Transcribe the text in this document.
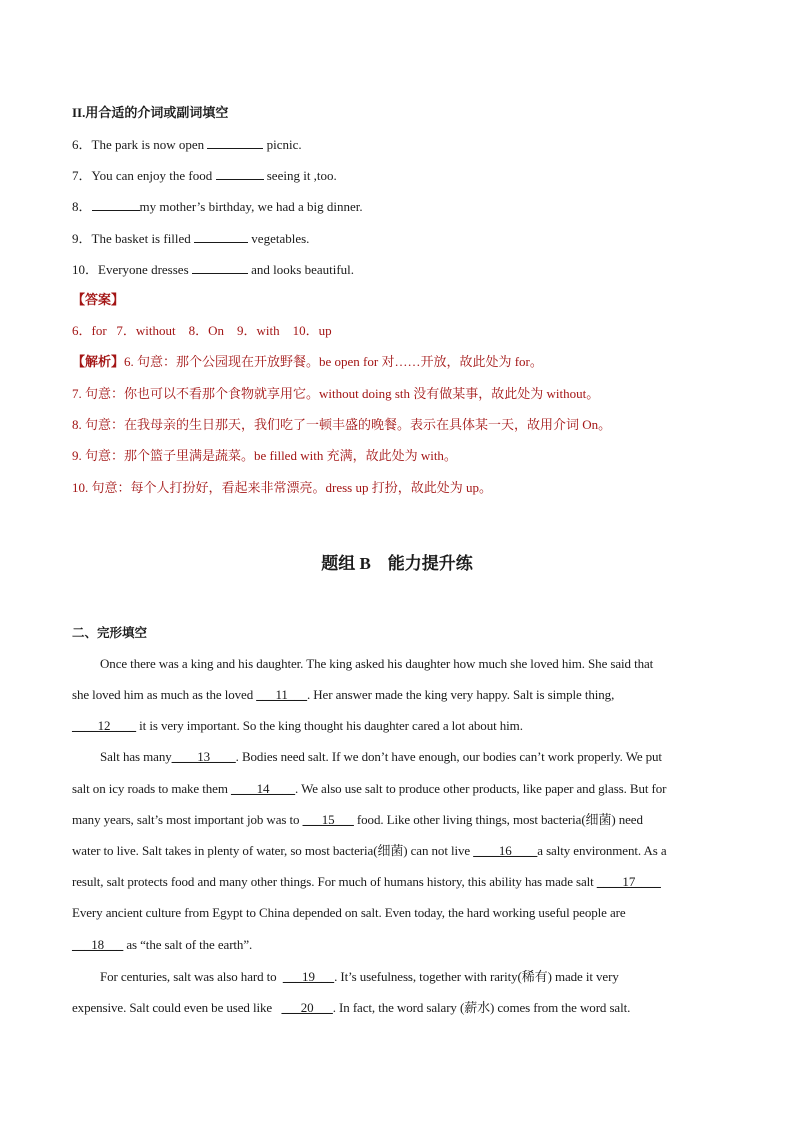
II.用合适的介词或副词填空
6．The park is now open	picnic.
7．You can enjoy the food	seeing it ,too.
8．	my mother’s birthday, we had a big dinner.
9．The basket is filled	vegetables.
10．Everyone dresses	and looks beautiful.
【答案】
6．for   7．without    8．On    9．with    10．up
【解析】6. 句意：那个公园现在开放野餐。be open for 对……开放，故此处为 for。
7. 句意：你也可以不看那个食物就享用它。without doing sth 没有做某事，故此处为 without。
8. 句意：在我母亲的生日那天，我们吃了一顿丰盛的晚餐。表示在具体某一天，故用介词 On。
9. 句意：那个篮子里满是蔬菜。be filled with 充满，故此处为 with。
10. 句意：每个人打扮好，看起来非常漂亮。dress up 打扮，故此处为 up。
题组 B    能力提升练
二、完形填空
Once there was a king and his daughter. The king asked his daughter how much she loved him. She said that
she loved him as much as the loved ___11___. Her answer made the king very happy. Salt is simple thing,
____12____ it is very important. So the king thought his daughter cared a lot about him.
Salt has many____13____. Bodies need salt. If we don’t have enough, our bodies can’t work properly. We put
salt on icy roads to make them ____14____. We also use salt to produce other products, like paper and glass. But for
many years, salt’s most important job was to ___15___ food. Like other living things, most bacteria(细菌) need
water to live. Salt takes in plenty of water, so most bacteria(细菌) can not live ____16____a salty environment. As a
result, salt protects food and many other things. For much of humans history, this ability has made salt ____17____
Every ancient culture from Egypt to China depended on salt. Even today, the hard working useful people are
___18___ as “the salt of the earth”.
For centuries, salt was also hard to  ___19___. It’s usefulness, together with rarity(稀有) made it very
expensive. Salt could even be used like   ___20___. In fact, the word salary (薪水) comes from the word salt.
